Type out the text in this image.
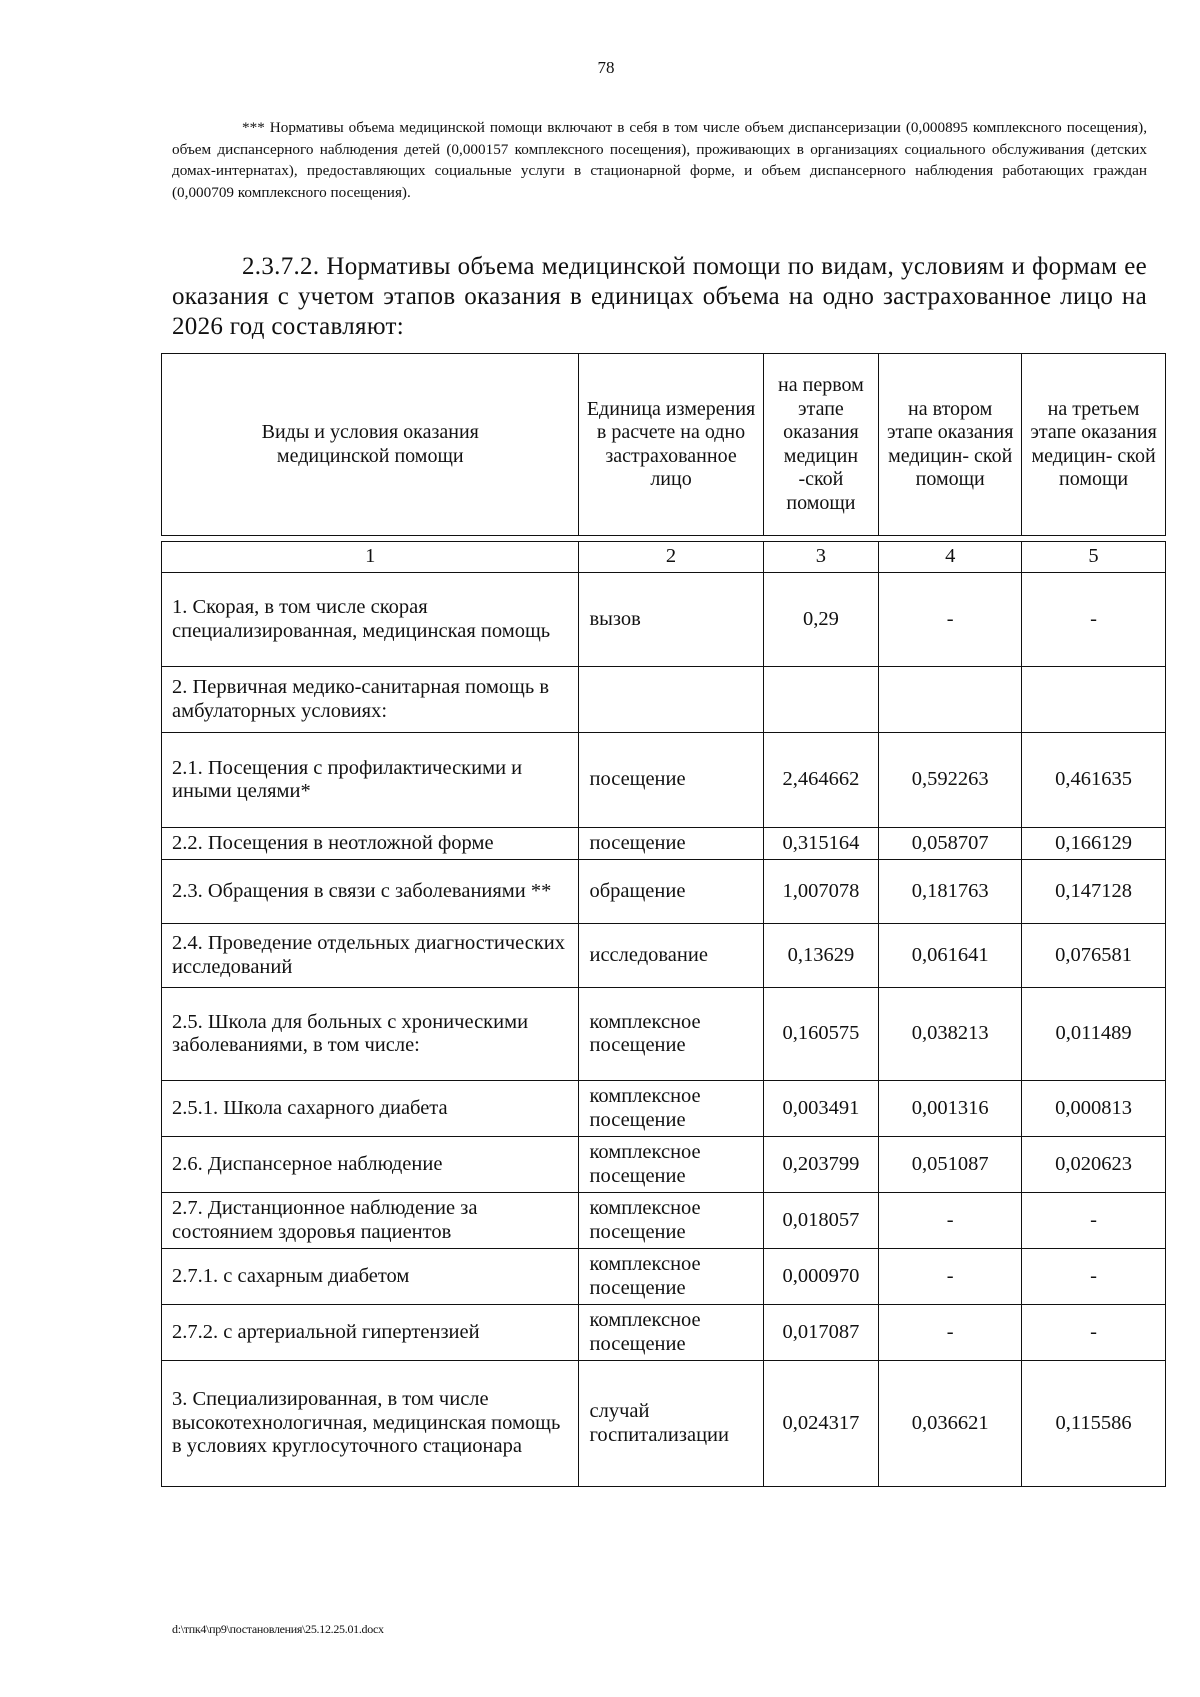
78

*** Нормативы объема медицинской помощи включают в себя в том числе объем диспансеризации (0,000895 комплексного посещения), объем диспансерного наблюдения детей (0,000157 комплексного посещения), проживающих в организациях социального обслуживания (детских домах-интернатах), предоставляющих социальные услуги в стационарной форме, и объем диспансерного наблюдения работающих граждан (0,000709 комплексного посещения).

2.3.7.2. Нормативы объема медицинской помощи по видам, условиям и формам ее оказания с учетом этапов оказания в единицах объема на одно застрахованное лицо на 2026 год составляют:

Виды и условия оказания медицинской помощи	Единица измерения в расчете на одно застрахованное лицо	на первом этапе оказания медицин -ской помощи	на втором этапе оказания медицин- ской помощи	на третьем этапе оказания медицин- ской помощи
1	2	3	4	5
1. Скорая, в том числе скорая специализированная, медицинская помощь	вызов	0,29	-	-
2. Первичная медико-санитарная помощь в амбулаторных условиях:				
2.1. Посещения с профилактическими и иными целями*	посещение	2,464662	0,592263	0,461635
2.2. Посещения в неотложной форме	посещение	0,315164	0,058707	0,166129
2.3. Обращения в связи с заболеваниями **	обращение	1,007078	0,181763	0,147128
2.4. Проведение отдельных диагностических исследований	исследование	0,13629	0,061641	0,076581
2.5. Школа для больных с хроническими заболеваниями, в том числе:	комплексное посещение	0,160575	0,038213	0,011489
2.5.1. Школа сахарного диабета	комплексное посещение	0,003491	0,001316	0,000813
2.6. Диспансерное наблюдение	комплексное посещение	0,203799	0,051087	0,020623
2.7. Дистанционное наблюдение за состоянием здоровья пациентов	комплексное посещение	0,018057	-	-
2.7.1. с сахарным диабетом	комплексное посещение	0,000970	-	-
2.7.2. с артериальной гипертензией	комплексное посещение	0,017087	-	-
3. Специализированная, в том числе высокотехнологичная, медицинская помощь в условиях круглосуточного стационара	случай госпитализации	0,024317	0,036621	0,115586
d:\тпк4\пр9\постановления\25.12.25.01.docx
